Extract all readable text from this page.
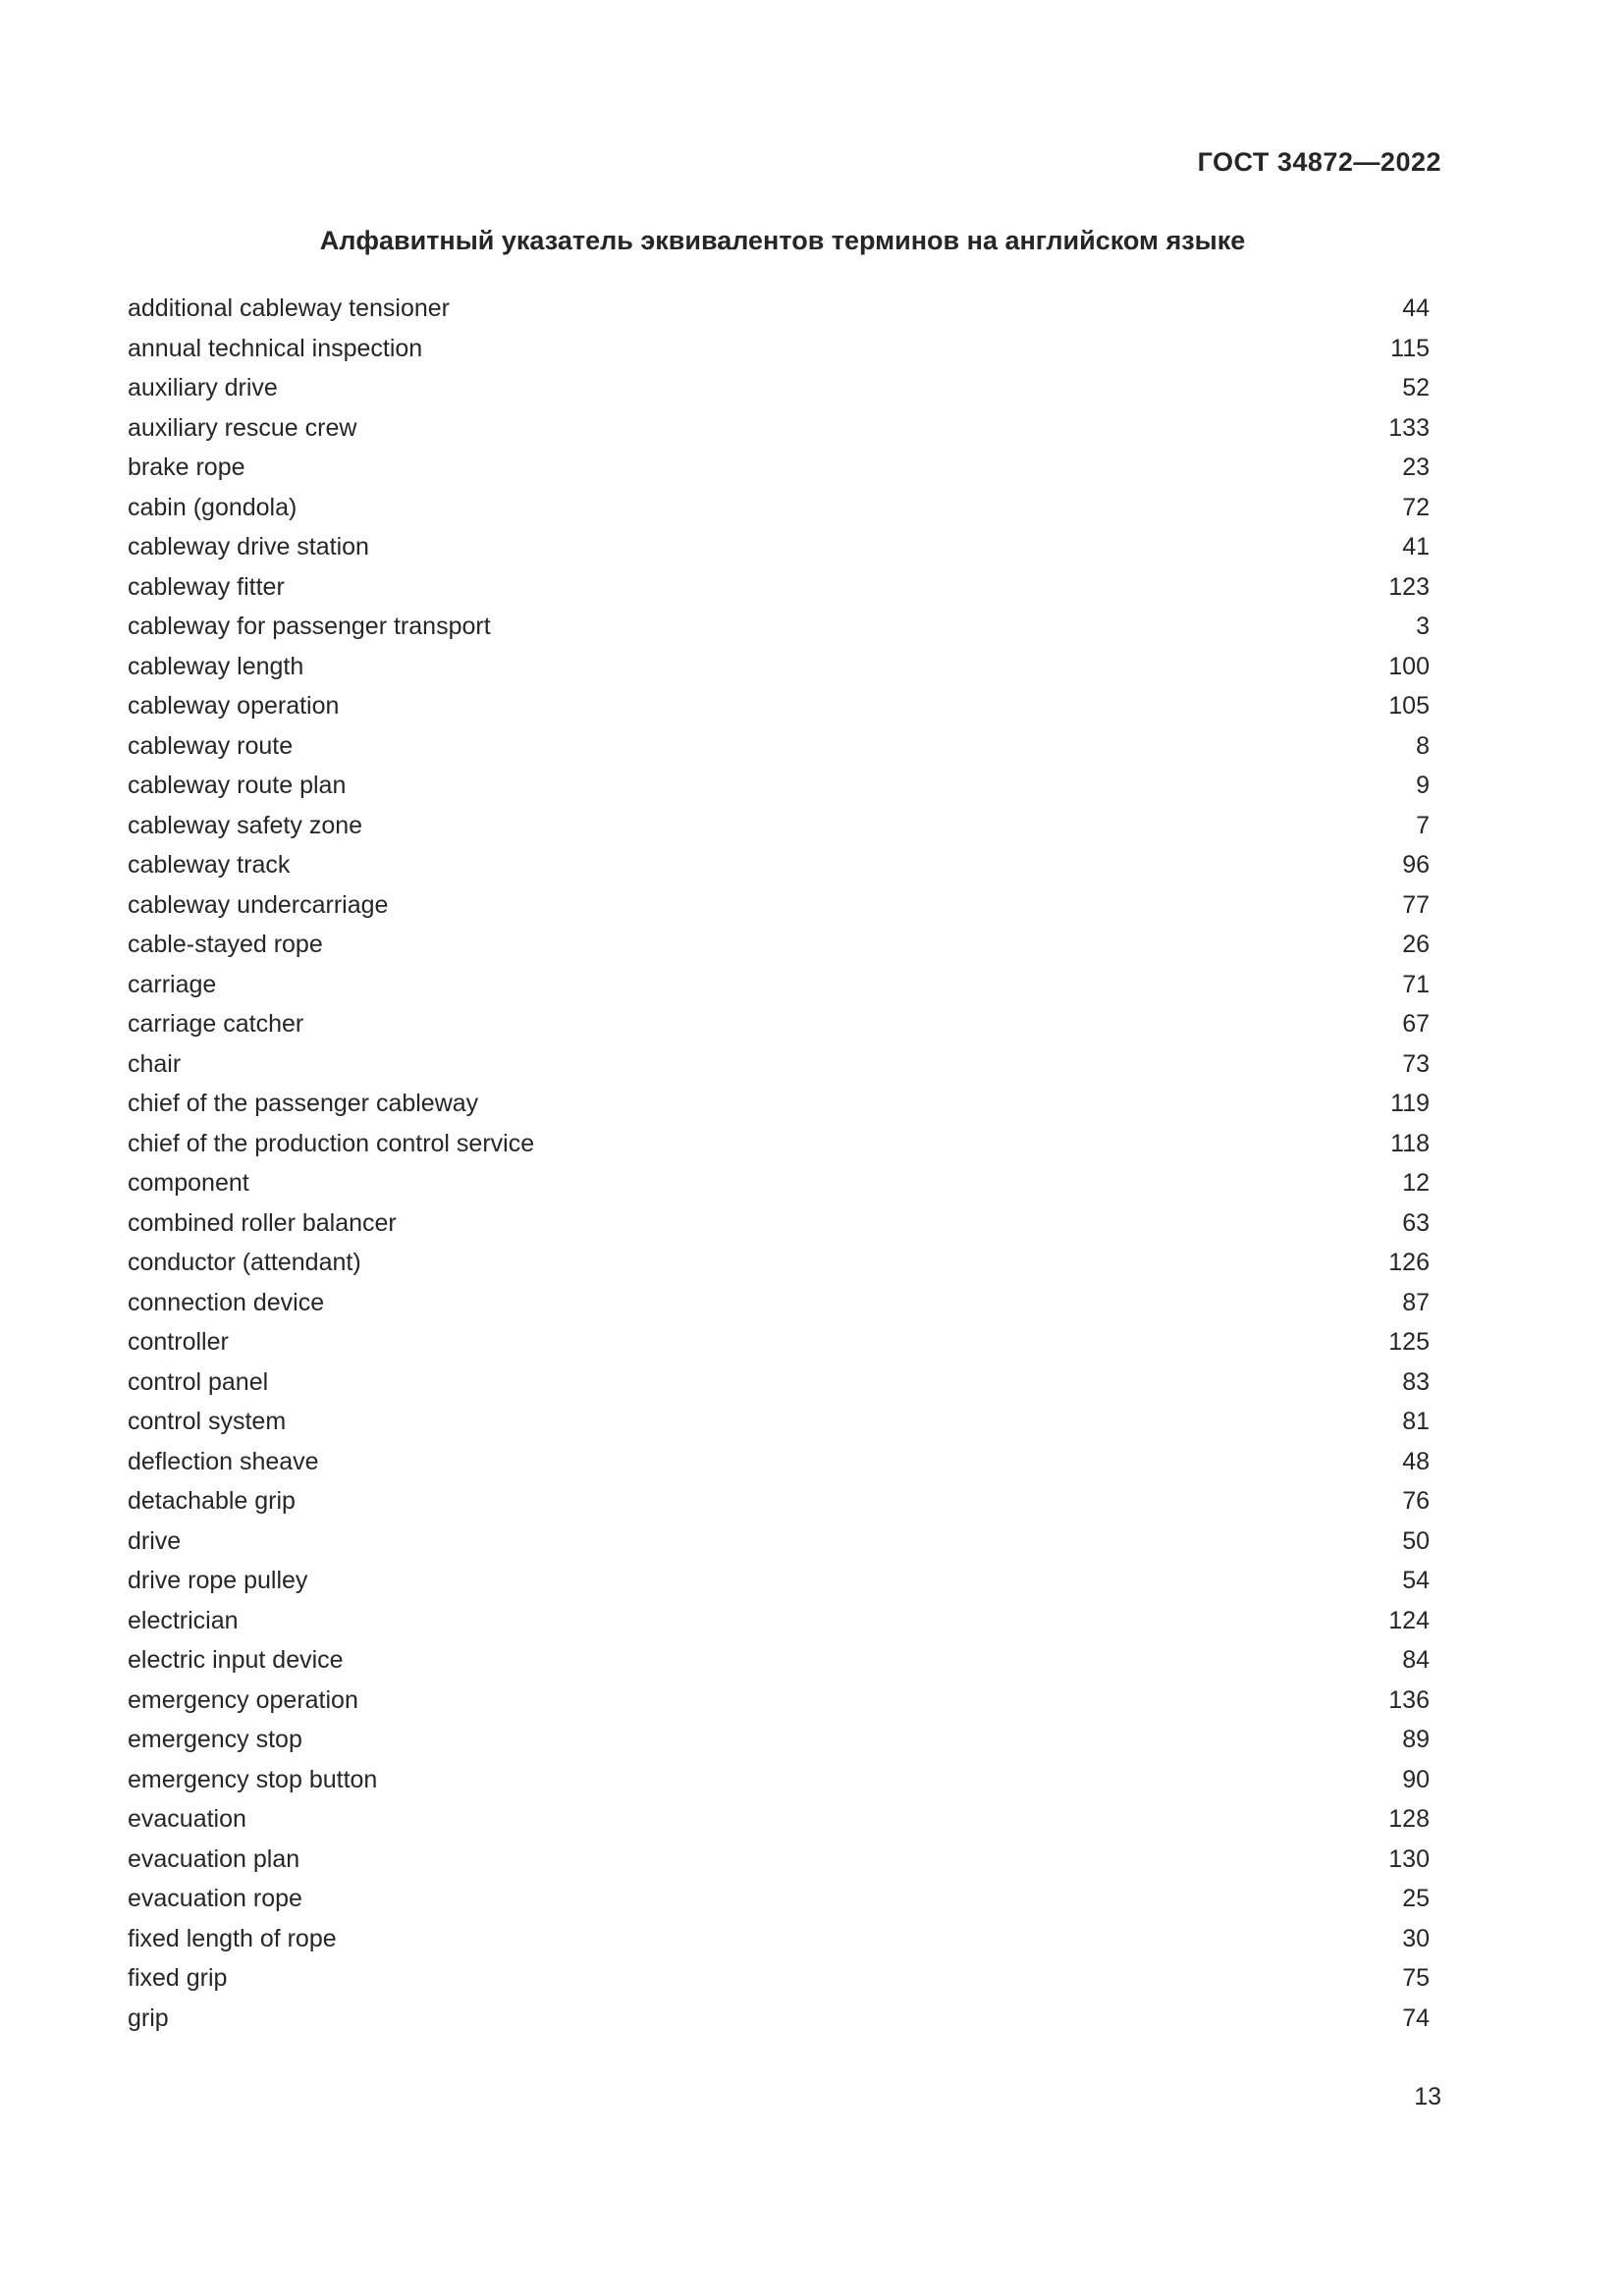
ГОСТ 34872—2022
Алфавитный указатель эквивалентов терминов на английском языке
additional cableway tensioner	44
annual technical inspection	115
auxiliary drive	52
auxiliary rescue crew	133
brake rope	23
cabin (gondola)	72
cableway drive station	41
cableway fitter	123
cableway for passenger transport	3
cableway length	100
cableway operation	105
cableway route	8
cableway route plan	9
cableway safety zone	7
cableway track	96
cableway undercarriage	77
cable-stayed rope	26
carriage	71
carriage catcher	67
chair	73
chief of the passenger cableway	119
chief of the production control service	118
component	12
combined roller balancer	63
conductor (attendant)	126
connection device	87
controller	125
control panel	83
control system	81
deflection sheave	48
detachable grip	76
drive	50
drive rope pulley	54
electrician	124
electric input device	84
emergency operation	136
emergency stop	89
emergency stop button	90
evacuation	128
evacuation plan	130
evacuation rope	25
fixed length of rope	30
fixed grip	75
grip	74
13
